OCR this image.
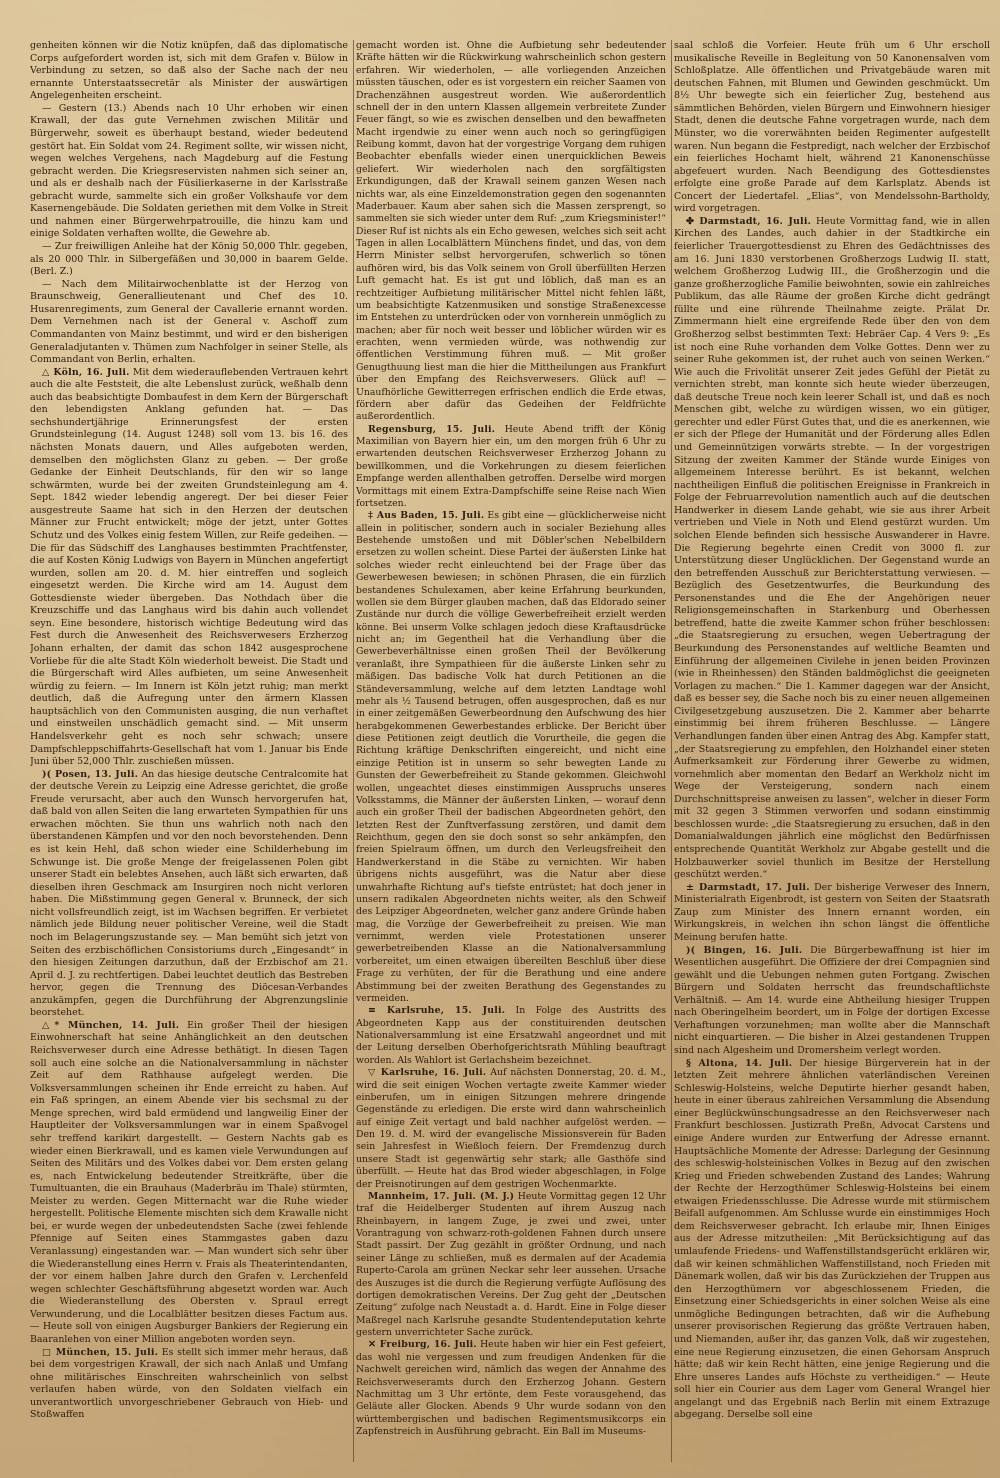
genheiten können wir die Notiz knüpfen, daß das diplomatische Corps aufgefordert worden ist, sich mit dem Grafen v. Bülow in Verbindung zu setzen, so daß also der Sache nach der neu ernannte Unterstaatssecretär als Minister der auswärtigen Angelegenheiten erscheint.

— Gestern (13.) Abends nach 10 Uhr erhoben wir einen Krawall, der das gute Vernehmen zwischen Militär und Bürgerwehr, soweit es überhaupt bestand, wieder bedeutend gestört hat. Ein Soldat vom 24. Regiment sollte, wir wissen nicht, wegen welches Vergehens, nach Magdeburg auf die Festung gebracht werden. Die Kriegsreservisten nahmen sich seiner an, und als er deshalb nach der Füsilierkaserne in der Karlsstraße gebracht wurde, sammelte sich ein großer Volkshaufe vor dem Kasernengebäude. Die Soldaten geriethen mit dem Volke in Streit und nahmen einer Bürgerwehrpatrouille, die hinzu kam und einige Soldaten verhaften wollte, die Gewehre ab.

— Zur freiwilligen Anleihe hat der König 50,000 Thlr. gegeben, als 20 000 Thlr. in Silbergefäßen und 30,000 in baarem Gelde. (Berl. Z.)

— Nach dem Militairwochenblatte ist der Herzog von Braunschweig, Generallieutenant und Chef des 10. Husarenregiments, zum General der Cavallerie ernannt worden. Dem Vernehmen nach ist der General v. Aschoff zum Commandanten von Mainz bestimmt, und wird er den bisherigen Generaladjutanten v. Thümen zum Nachfolger in seiner Stelle, als Commandant von Berlin, erhalten.

△ Köln, 16. Juli. Mit dem wiederauflebenden Vertrauen kehrt auch die alte Feststeit, die alte Lebenslust zurück, weßhalb denn auch das beabsichtigte Dombaufest in dem Kern der Bürgerschaft den lebendigsten Anklang gefunden hat. — Das sechshundertjährige Erinnerungsfest der ersten Grundsteinlegung (14. August 1248) soll vom 13. bis 16. des nächsten Monats dauern, und Alles aufgeboten werden, demselben den möglichsten Glanz zu geben. — Der große Gedanke der Einheit Deutschlands, für den wir so lange schwärmten, wurde bei der zweiten Grundsteinlegung am 4. Sept. 1842 wieder lebendig angeregt. Der bei dieser Feier ausgestreute Saame hat sich in den Herzen der deutschen Männer zur Frucht entwickelt; möge der jetzt, unter Gottes Schutz und des Volkes einig festem Willen, zur Reife gedeihen. — Die für das Südschiff des Langhauses bestimmten Prachtfenster, die auf Kosten König Ludwigs von Bayern in München angefertigt wurden, sollen am 20. d. M. hier eintreffen und sogleich eingesetzt werden. Die Kirche wird am 14. August dem Gottesdienste wieder übergeben. Das Nothdach über die Kreuzschiffe und das Langhaus wird bis dahin auch vollendet seyn. Eine besondere, historisch wichtige Bedeutung wird das Fest durch die Anwesenheit des Reichsverwesers Erzherzog Johann erhalten, der damit das schon 1842 ausgesprochene Vorliebe für die alte Stadt Köln wiederholt beweist. Die Stadt und die Bürgerschaft wird Alles aufbieten, um seine Anwesenheit würdig zu feiern. — Im Innern ist Köln jetzt ruhig; man merkt deutlich, daß die Aufregung unter den ärmern Klassen hauptsächlich von den Communisten ausging, die nun verhaftet und einstweilen unschädlich gemacht sind. — Mit unserm Handelsverkehr geht es noch sehr schwach; unsere Dampfschleppschiffahrts-Gesellschaft hat vom 1. Januar bis Ende Juni über 52,000 Thlr. zuschießen müssen.

)( Posen, 13. Juli. An das hiesige deutsche Centralcomite hat der deutsche Verein zu Leipzig eine Adresse gerichtet, die große Freude verursacht, aber auch den Wunsch hervorgerufen hat, daß bald von allen Seiten die lang erwarteten Sympathien für uns erwachen möchten. Sie thun uns wahrlich noth nach den überstandenen Kämpfen und vor den noch bevorstehenden. Denn es ist kein Hehl, daß schon wieder eine Schilderhebung im Schwunge ist. Die große Menge der freigelassenen Polen gibt unserer Stadt ein belebtes Ansehen, auch läßt sich erwarten, daß dieselben ihren Geschmack am Insurgiren noch nicht verloren haben. Die Mißstimmung gegen General v. Brunneck, der sich nicht vollsfreundlich zeigt, ist im Wachsen begriffen. Er verbietet nämlich jede Bildung neuer politischer Vereine, weil die Stadt noch im Belagerungszustande sey. — Man bemüht sich jetzt von Seiten des erzbischöflichen Consistoriums durch „Eingesandt“ in den hiesigen Zeitungen darzuthun, daß der Erzbischof am 21. April d. J. zu rechtfertigen. Dabei leuchtet deutlich das Bestreben hervor, gegen die Trennung des Diöcesan-Verbandes anzukämpfen, gegen die Durchführung der Abgrenzungslinie beorstehet.

△* München, 14. Juli. Ein großer Theil der hiesigen Einwohnerschaft hat seine Anhänglichkeit an den deutschen Reichsverweser durch eine Adresse bethätigt. In diesen Tagen soll auch eine solche an die Nationalversammlung in nächster Zeit auf dem Rathhause aufgelegt werden. Die Volksversammlungen scheinen ihr Ende erreicht zu haben. Auf ein Faß springen, an einem Abende vier bis sechsmal zu der Menge sprechen, wird bald ermüdend und langweilig Einer der Hauptleiter der Volksversammlungen war in einem Spaßvogel sehr treffend karikirt dargestellt. — Gestern Nachts gab es wieder einen Bierkrawall, und es kamen viele Verwundungen auf Seiten des Militärs und des Volkes dabei vor. Dem ersten gelang es, nach Entwickelung bedeutender Streitkräfte, über die Tumultuanten, die ein Brauhaus (Maderbräu im Thale) stürmten, Meister zu werden. Gegen Mitternacht war die Ruhe wieder hergestellt. Politische Elemente mischten sich dem Krawalle nicht bei, er wurde wegen der unbedeutendsten Sache (zwei fehlende Pfennige auf Seiten eines Stammgastes gaben dazu Veranlassung) eingestanden war. — Man wundert sich sehr über die Wiederanstellung eines Herrn v. Frais als Theaterintendanten, der vor einem halben Jahre durch den Grafen v. Lerchenfeld wegen schlechter Geschäftsführung abgesetzt worden war. Auch die Wiederanstellung des Obersten v. Spraul erregt Verwunderung, und die Localblätter besitzen dieses Factum aus. — Heute soll von einigen Augsburger Bankiers der Regierung ein Baaranlehen von einer Million angeboten worden seyn.

□ München, 15. Juli. Es stellt sich immer mehr heraus, daß bei dem vorgestrigen Krawall, der sich nach Anlaß und Umfang ohne militärisches Einschreiten wahrscheinlich von selbst verlaufen haben würde, von den Soldaten vielfach ein unverantwortlich unvorgeschriebener Gebrauch von Hieb- und Stoßwaffen

gemacht worden ist. Ohne die Aufbietung sehr bedeutender Kräfte hätten wir die Rückwirkung wahrscheinlich schon gestern erfahren. Wir wiederholen, — alle vorliegenden Anzeichen müssten täuschen, oder es ist vorgestern ein reicher Saamen von Drachenzähnen ausgestreut worden. Wie außerordentlich schnell der in den untern Klassen allgemein verbreitete Zunder Feuer fängt, so wie es zwischen denselben und den bewaffneten Macht irgendwie zu einer wenn auch noch so geringfügigen Reibung kommt, davon hat der vorgestrige Vorgang dem ruhigen Beobachter ebenfalls wieder einen unerquicklichen Beweis geliefert. Wir wiederholen nach den sorgfältigsten Erkundigungen, daß der Krawall seinem ganzen Wesen nach nichts war, als eine Einzeldemonstration gegen den sogenannten Maderbauer. Kaum aber sahen sich die Massen zersprengt, so sammelten sie sich wieder unter dem Ruf: „zum Kriegsminister!“ Dieser Ruf ist nichts als ein Echo gewesen, welches sich seit acht Tagen in allen Localblättern Münchens findet, und das, von dem Herrn Minister selbst hervorgerufen, schwerlich so tönen aufhören wird, bis das Volk seinem von Groll überfüllten Herzen Luft gemacht hat. Es ist gut und löblich, daß man es an rechtzeitiger Aufbietung militärischer Mittel nicht fehlen läßt, um beabsichtigte Katzenmusiken und sonstige Straßenexcesse im Entstehen zu unterdrücken oder von vornherein unmöglich zu machen; aber für noch weit besser und löblicher würden wir es erachten, wenn vermieden würde, was nothwendig zur öffentlichen Verstimmung führen muß. — Mit großer Genugthuung liest man die hier die Mittheilungen aus Frankfurt über den Empfang des Reichsverwesers. Glück auf! — Unaufhörliche Gewitterregen erfrischen endlich die Erde etwas, fördern aber dafür das Gedeihen der Feldfrüchte außerordentlich.

Regensburg, 15. Juli. Heute Abend trifft der König Maximilian von Bayern hier ein, um den morgen früh 6 Uhr zu erwartenden deutschen Reichsverweser Erzherzog Johann zu bewillkommen, und die Vorkehrungen zu diesem feierlichen Empfange werden allenthalben getroffen. Derselbe wird morgen Vormittags mit einem Extra-Dampfschiffe seine Reise nach Wien fortsetzen.

‡ Aus Baden, 15. Juli. Es gibt eine — glücklicherweise nicht allein in politischer, sondern auch in socialer Beziehung alles Bestehende umstoßen und mit Döbler'schen Nebelbildern ersetzen zu wollen scheint. Diese Partei der äußersten Linke hat solches wieder recht einleuchtend bei der Frage über das Gewerbewesen bewiesen; in schönen Phrasen, die ein fürzlich bestandenes Schulexamen, aber keine Erfahrung beurkunden, wollen sie dem Bürger glauben machen, daß das Eldorado seiner Zustände nur durch die völlige Gewerbefreiheit erzielt werden könne. Bei unserm Volke schlagen jedoch diese Kraftausdrücke nicht an; im Gegentheil hat die Verhandlung über die Gewerbeverhältnisse einen großen Theil der Bevölkerung veranlaßt, ihre Sympathieen für die äußerste Linken sehr zu mäßigen. Das badische Volk hat durch Petitionen an die Ständeversammlung, welche auf dem letzten Landtage wohl mehr als ½ Tausend betrugen, offen ausgesprochen, daß es nur in einer zeitgemäßen Gewerbeordnung den Aufschwung des hier herabgekommenen Gewerbestandes erblicke. Der Bericht über diese Petitionen zeigt deutlich die Vorurtheile, die gegen die Richtung kräftige Denkschriften eingereicht, und nicht eine einzige Petition ist in unserm so sehr bewegten Lande zu Gunsten der Gewerbefreiheit zu Stande gekommen. Gleichwohl wollen, ungeachtet dieses einstimmigen Ausspruchs unseres Volksstamms, die Männer der äußersten Linken, — worauf denn auch ein großer Theil der badischen Abgeordneten gehört, den letzten Rest der Zunftverfassung zerstören, und damit dem Reichthum, gegen den sie doch sonst so sehr ankämpfen, den freien Spielraum öffnen, um durch den Verleugsfreiheit den Handwerkerstand in die Stäbe zu vernichten. Wir haben übrigens nichts ausgeführt, was die Natur aber diese unwahrhafte Richtung auf's tiefste entrüstet; hat doch jener in unsern radikalen Abgeordneten nichts weiter, als den Schweif des Leipziger Abgeordneten, welcher ganz andere Gründe haben mag, die Vorzüge der Gewerbefreiheit zu preisen. Wie man vernimmt, werden viele Protestationen unserer gewerbetreibenden Klasse an die Nationalversammlung vorbereitet, um einen etwaigen übereilten Beschluß über diese Frage zu verhüten, der für die Berathung und eine andere Abstimmung bei der zweiten Berathung des Gegenstandes zu vermeiden.

≡ Karlsruhe, 15. Juli. In Folge des Austritts des Abgeordneten Kapp aus der constituirenden deutschen Nationalversammlung ist eine Ersatzwahl angeordnet und mit der Leitung derselben Oberhofgerichtsrath Mühling beauftragt worden. Als Wahlort ist Gerlachsheim bezeichnet.

▽ Karlsruhe, 16. Juli. Auf nächsten Donnerstag, 20. d. M., wird die seit einigen Wochen vertagte zweite Kammer wieder einberufen, um in einigen Sitzungen mehrere dringende Gegenstände zu erledigen. Die erste wird dann wahrscheinlich auf einige Zeit vertagt und bald nachher aufgelöst werden. — Den 19. d. M. wird der evangelische Missionsverein für Baden sein Jahresfest in Wießloch feiern. Der Fremdenzug durch unsere Stadt ist gegenwärtig sehr stark; alle Gasthöfe sind überfüllt. — Heute hat das Brod wieder abgeschlagen, in Folge der Preisnotirungen auf dem gestrigen Wochenmarkte.

Mannheim, 17. Juli. (M. J.) Heute Vormittag gegen 12 Uhr traf die Heidelberger Studenten auf ihrem Auszug nach Rheinbayern, in langem Zuge, je zwei und zwei, unter Vorantragung von schwarz-roth-goldenen Fahnen durch unsere Stadt passirt. Der Zug gezählt in größter Ordnung, und nach seiner Länge zu schließen, muß es dermalen auf der Academia Ruperto-Carola am grünen Neckar sehr leer aussehen. Ursache des Auszuges ist die durch die Regierung verfügte Auflösung des dortigen demokratischen Vereins. Der Zug geht der „Deutschen Zeitung“ zufolge nach Neustadt a. d. Hardt. Eine in Folge dieser Maßregel nach Karlsruhe gesandte Studentendeputation kehrte gestern unverrichteter Sache zurück.

✕ Freiburg, 16. Juli. Heute haben wir hier ein Fest gefeiert, das wohl nie vergessen und zum freudigen Andenken für die Nachwelt gereichen wird, nämlich das wegen der Annahme des Reichsverweseramts durch den Erzherzog Johann. Gestern Nachmittag um 3 Uhr ertönte, dem Feste vorausgehend, das Geläute aller Glocken. Abends 9 Uhr wurde sodann von den württembergischen und badischen Regimentsmusikcorps ein Zapfenstreich in Ausführung gebracht. Ein Ball im Museums-

saal schloß die Vorfeier. Heute früh um 6 Uhr erscholl musikalische Reveille in Begleitung von 50 Kanonensalven vom Schloßplatze. Alle öffentlichen und Privatgebäude waren mit deutschen Fahnen, mit Blumen und Gewinden geschmückt. Um 8½ Uhr bewegte sich ein feierlicher Zug, bestehend aus sämmtlichen Behörden, vielen Bürgern und Einwohnern hiesiger Stadt, denen die deutsche Fahne vorgetragen wurde, nach dem Münster, wo die vorerwähnten beiden Regimenter aufgestellt waren. Nun begann die Festpredigt, nach welcher der Erzbischof ein feierliches Hochamt hielt, während 21 Kanonenschüsse abgefeuert wurden. Nach Beendigung des Gottesdienstes erfolgte eine große Parade auf dem Karlsplatz. Abends ist Concert der Liedertafel. „Elias“, von Mendelssohn-Bartholdy, wird vorgetragen.

✤ Darmstadt, 16. Juli. Heute Vormittag fand, wie in allen Kirchen des Landes, auch dahier in der Stadtkirche ein feierlicher Trauergottesdienst zu Ehren des Gedächtnisses des am 16. Juni 1830 verstorbenen Großherzogs Ludwig II. statt, welchem Großherzog Ludwig III., die Großherzogin und die ganze großherzogliche Familie beiwohnten, sowie ein zahlreiches Publikum, das alle Räume der großen Kirche dicht gedrängt füllte und eine rührende Theilnahme zeigte. Prälat Dr. Zimmermann hielt eine ergreifende Rede über den von dem Großherzog selbst bestimmten Text: Hebräer Cap. 4 Vers 9: „Es ist noch eine Ruhe vorhanden dem Volke Gottes. Denn wer zu seiner Ruhe gekommen ist, der ruhet auch von seinen Werken.“ Wie auch die Frivolität unserer Zeit jedes Gefühl der Pietät zu vernichten strebt, man konnte sich heute wieder überzeugen, daß deutsche Treue noch kein leerer Schall ist, und daß es noch Menschen gibt, welche zu würdigen wissen, wo ein gütiger, gerechter und edler Fürst Gutes that, und die es anerkennen, wie er sich der Pflege der Humanität und der Förderung alles Edlen und Gemeinnützigen vorwärts strebte. — In der vorgestrigen Sitzung der zweiten Kammer der Stände wurde Einiges von allgemeinem Interesse berührt. Es ist bekannt, welchen nachtheiligen Einfluß die politischen Ereignisse in Frankreich in Folge der Februarrevolution namentlich auch auf die deutschen Handwerker in diesem Lande gehabt, wie sie aus ihrer Arbeit vertrieben und Viele in Noth und Elend gestürzt wurden. Um solchen Elende befinden sich hessische Auswanderer in Havre. Die Regierung begehrte einen Credit von 3000 fl. zur Unterstützung dieser Unglücklichen. Der Gegenstand wurde an den betreffenden Ausschuß zur Berichterstattung verwiesen. — Bezüglich des Gesetzentwurfes, die Beurkundung des Personenstandes und die Ehe der Angehörigen neuer Religionsgemeinschaften in Starkenburg und Oberhessen betreffend, hatte die zweite Kammer schon früher beschlossen: „die Staatsregierung zu ersuchen, wegen Uebertragung der Beurkundung des Personenstandes auf weltliche Beamten und Einführung der allgemeinen Civilehe in jenen beiden Provinzen (wie in Rheinhessen) den Ständen baldmöglichst die geeigneten Vorlagen zu machen.“ Die 1. Kammer dagegen war der Ansicht, daß es besser sey, die Sache noch bis zu einer neuen allgemeinen Civilgesetzgebung auszusetzen. Die 2. Kammer aber beharrte einstimmig bei ihrem früheren Beschlusse. — Längere Verhandlungen fanden über einen Antrag des Abg. Kampfer statt, „der Staatsregierung zu empfehlen, den Holzhandel einer steten Aufmerksamkeit zur Förderung ihrer Gewerbe zu widmen, vornehmlich aber momentan den Bedarf an Werkholz nicht im Wege der Versteigerung, sondern nach einem Durchschnittspreise anweisen zu lassen“, welcher in dieser Form mit 32 gegen 3 Stimmen verworfen und sodann einstimmig beschlossen wurde: „die Staatsregierung zu ersuchen, daß in den Domanialwaldungen jährlich eine möglichst den Bedürfnissen entsprechende Quantität Werkholz zur Abgabe gestellt und die Holzbauwerker soviel thunlich im Besitze der Herstellung geschützt werden.“

± Darmstadt, 17. Juli. Der bisherige Verweser des Innern, Ministerialrath Eigenbrodt, ist gestern von Seiten der Staatsrath Zaup zum Minister des Innern ernannt worden, ein Wirkungskreis, in welchen ihn schon längst die öffentliche Meinung berufen hatte.

)( Bingen, 16. Juli. Die Bürgerbewaffnung ist hier im Wesentlichen ausgeführt. Die Offiziere der drei Compagnien sind gewählt und die Uebungen nehmen guten Fortgang. Zwischen Bürgern und Soldaten herrscht das freundschaftlichste Verhältniß. — Am 14. wurde eine Abtheilung hiesiger Truppen nach Oberingelheim beordert, um in Folge der dortigen Excesse Verhaftungen vorzunehmen; man wollte aber die Mannschaft nicht einquartieren. — Die bisher in Alzei gestandenen Truppen sind nach Algesheim und Dromersheim verlegt worden.

§ Altona, 14. Juli. Der hiesige Bürgerverein hat in der letzten Zeit mehrere ähnlichen vaterländischen Vereinen Schleswig-Holsteins, welche Deputirte hierher gesandt haben, heute in einer überaus zahlreichen Versammlung die Absendung einer Beglückwünschungsadresse an den Reichsverweser nach Frankfurt beschlossen. Justizrath Preßn, Advocat Carstens und einige Andere wurden zur Entwerfung der Adresse ernannt. Hauptsächliche Momente der Adresse: Darlegung der Gesinnung des schleswig-holsteinischen Volkes in Bezug auf den zwischen Krieg und Frieden schwebenden Zustand des Landes; Wahrung der Rechte der Herzogthümer Schleswig-Holsteins bei einem etwaigen Friedensschlusse. Die Adresse wurde mit stürmischem Beifall aufgenommen. Am Schlusse wurde ein einstimmiges Hoch dem Reichsverweser gebracht. Ich erlaube mir, Ihnen Einiges aus der Adresse mitzutheilen: „Mit Berücksichtigung auf das umlaufende Friedens- und Waffenstillstandsgerücht erklären wir, daß wir keinen schmählichen Waffenstillstand, noch Frieden mit Dänemark wollen, daß wir bis das Zurückziehen der Truppen aus den Herzogthümern vor abgeschlossenem Frieden, die Einsetzung einer Schiedsgerichts in einer solchen Weise als eine unmögliche Bedingungen betrachten, daß wir die Aufhebung unserer provisorischen Regierung das größte Vertrauen haben, und Niemanden, außer ihr, das ganzen Volk, daß wir zugestehen, eine neue Regierung einzusetzen, die einen Gehorsam Anspruch hätte; daß wir kein Recht hätten, eine jenige Regierung und die Ehre unseres Landes aufs Höchste zu vertheidigen.“ — Heute soll hier ein Courier aus dem Lager vom General Wrangel hier angelangt und das Ergebniß nach Berlin mit einem Extrazuge abgegang. Derselbe soll eine
